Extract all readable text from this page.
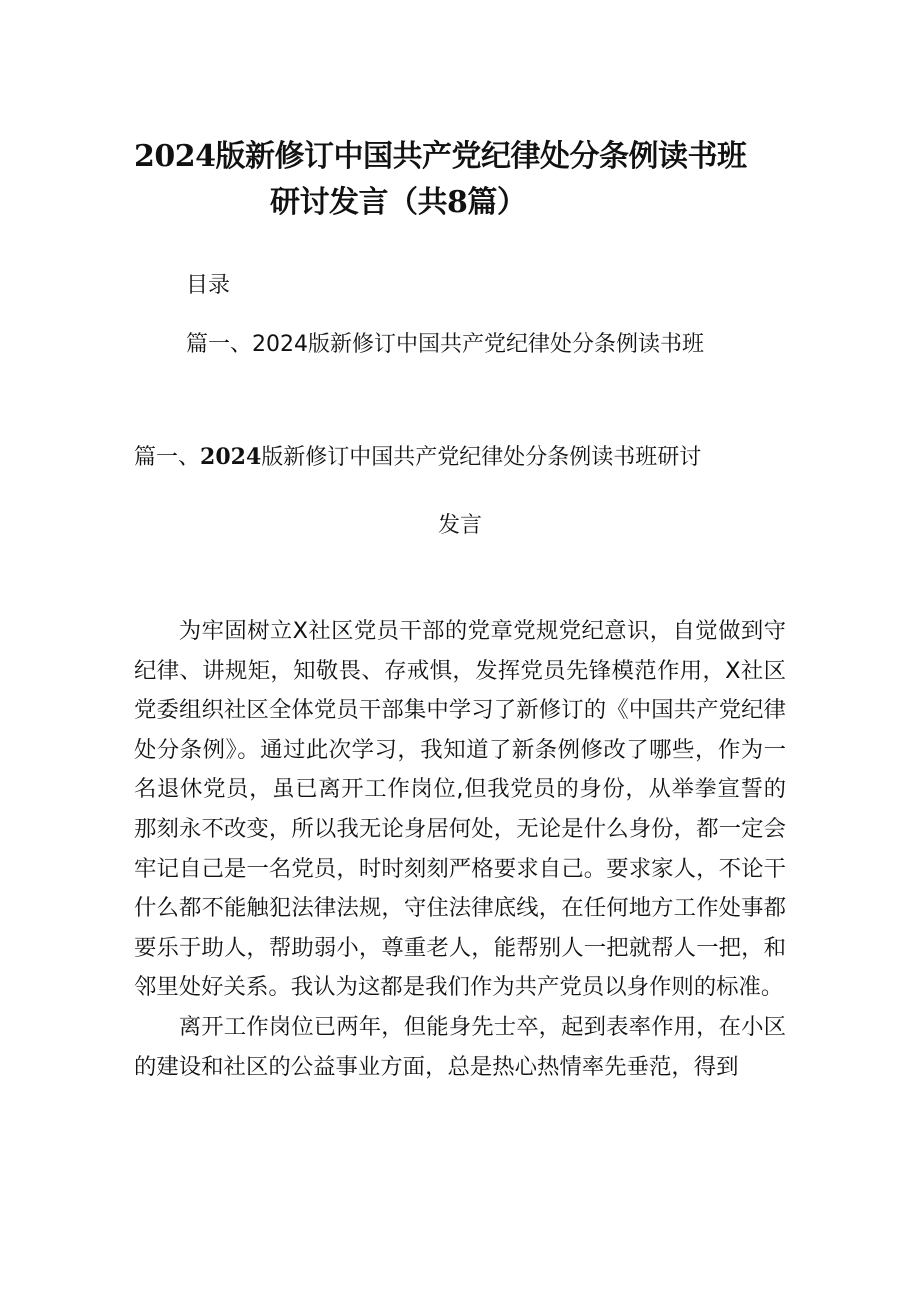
2024版新修订中国共产党纪律处分条例读书班
研讨发言（共8篇）
目录
篇一、2024版新修订中国共产党纪律处分条例读书班
篇一、2024版新修订中国共产党纪律处分条例读书班研讨
发言

为牢固树立X社区党员干部的党章党规党纪意识，自觉做到守纪律、讲规矩，知敬畏、存戒惧，发挥党员先锋模范作用，X社区党委组织社区全体党员干部集中学习了新修订的《中国共产党纪律处分条例》。通过此次学习，我知道了新条例修改了哪些，作为一名退休党员，虽已离开工作岗位,但我党员的身份，从举拳宣誓的那刻永不改变，所以我无论身居何处，无论是什么身份，都一定会牢记自己是一名党员，时时刻刻严格要求自己。要求家人，不论干什么都不能触犯法律法规，守住法律底线，在任何地方工作处事都要乐于助人，帮助弱小，尊重老人，能帮别人一把就帮人一把，和邻里处好关系。我认为这都是我们作为共产党员以身作则的标准。

离开工作岗位已两年，但能身先士卒，起到表率作用，在小区的建设和社区的公益事业方面，总是热心热情率先垂范，得到
